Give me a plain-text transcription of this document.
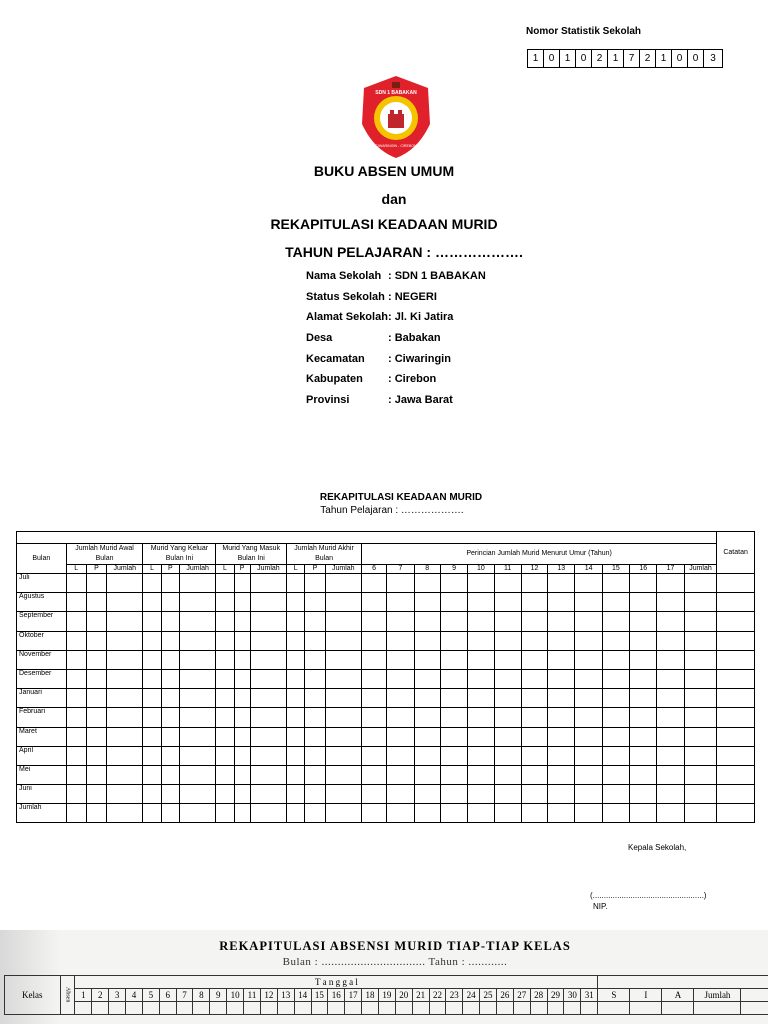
Nomor Statistik Sekolah
1	0	1	0	2	1	7	2	1	0	0	3
SDN 1 BABAKAN
CIWARINGIN - CIREBON
BUKU ABSEN UMUM
dan
REKAPITULASI KEADAAN MURID
TAHUN PELAJARAN : ……………….
Nama Sekolah : SDN 1 BABAKAN
Status Sekolah : NEGERI
Alamat Sekolah : Jl. Ki Jatira
Desa	: Babakan
Kecamatan	: Ciwaringin
Kabupaten	: Cirebon
Provinsi	: Jawa Barat
REKAPITULASI KEADAAN MURID
Tahun Pelajaran : ……………….
																										Catatan
Bulan	Jumlah Murid Awal Bulan			Murid Yang Keluar Bulan Ini			Murid Yang Masuk Bulan Ini			Jumlah Murid Akhir Bulan			Perincian Jumlah Murid Menurut Umur (Tahun)													
	L	P	Jumlah	L	P	Jumlah	L	P	Jumlah	L	P	Jumlah	6	7	8	9	10	11	12	13	14	15	16	17	Jumlah	
Juli																										
Agustus																										
September																										
Oktober																										
November																										
Desember																										
Januari																										
Februari																										
Maret																										
April																										
Mei																										
Juni																										
Jumlah																										
Kepala Sekolah,
(..................................................)
NIP.
REKAPITULASI ABSENSI MURID TIAP-TIAP KELAS
Bulan : ................................ Tahun : ............
Kelas	Absen	T a n g g a l																																			
		1	2	3	4	5	6	7	8	9	10	11	12	13	14	15	16	17	18	19	20	21	22	23	24	25	26	27	28	29	30	31	S	I	A	Jumlah	
